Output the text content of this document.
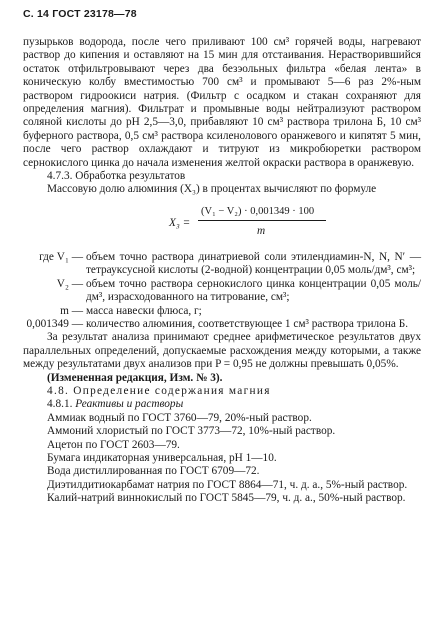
С. 14 ГОСТ 23178—78

пузырьков водорода, после чего приливают 100 см³ горячей воды, нагревают раствор до кипения и оставляют на 15 мин для отстаивания. Нерастворившийся остаток отфильтровывают через два безэольных фильтра «белая лента» в коническую колбу вместимостью 700 см³ и промывают 5—6 раз 2%-ным раствором гидроокиси натрия. (Фильтр с осадком и стакан сохраняют для определения магния). Фильтрат и промывные воды нейтрализуют раствором соляной кислоты до pH 2,5—3,0, прибавляют 10 см³ раствора трилона Б, 10 см³ буферного раствора, 0,5 см³ раствора ксиленолового оранжевого и кипятят 5 мин, после чего раствор охлаждают и титруют из микробюретки раствором сернокислого цинка до начала изменения желтой окраски раствора в оранжевую.

4.7.3. Обработка результатов

Массовую долю алюминия (X₃) в процентах вычисляют по формуле

X₃ =
(V₁ − V₂) · 0,001349 · 100
m
где V₁ — объем точно раствора динатриевой соли этилендиамин-N, N, N′ — тетрауксусной кислоты (2-водной) концентрации 0,05 моль/дм³, см³;
V₂ — объем точно раствора сернокислого цинка концентрации 0,05 моль/дм³, израсходованного на титрование, см³;
m — масса навески флюса, г;
0,001349 — количество алюминия, соответствующее 1 см³ раствора трилона Б.

За результат анализа принимают среднее арифметическое результатов двух параллельных определений, допускаемые расхождения между которыми, а также между результатами двух анализов при P = 0,95 не должны превышать 0,05%.

(Измененная редакция, Изм. № 3).

4.8. Определение содержания магния

4.8.1. Реактивы и растворы

Аммиак водный по ГОСТ 3760—79, 20%-ный раствор.

Аммоний хлористый по ГОСТ 3773—72, 10%-ный раствор.

Ацетон по ГОСТ 2603—79.

Бумага индикаторная универсальная, pH 1—10.

Вода дистиллированная по ГОСТ 6709—72.

Диэтилдитиокарбамат натрия по ГОСТ 8864—71, ч. д. а., 5%-ный раствор.

Калий-натрий виннокислый по ГОСТ 5845—79, ч. д. а., 50%-ный раствор.
